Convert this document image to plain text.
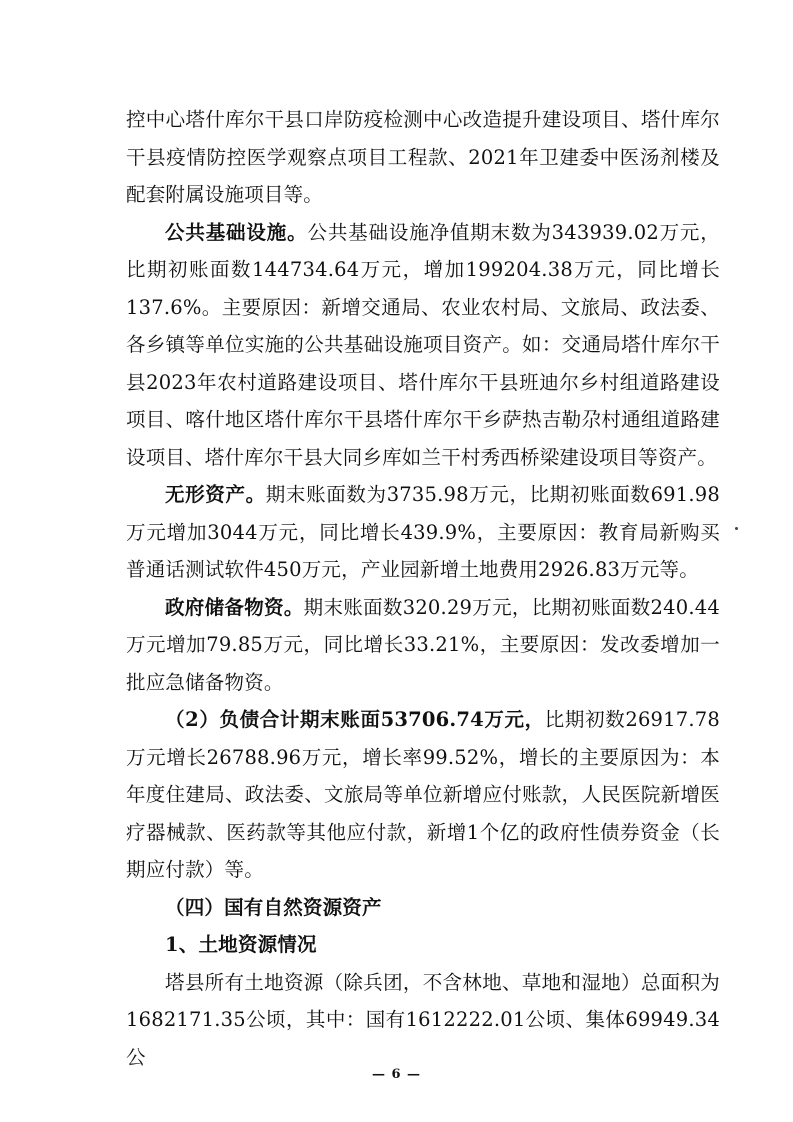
控中心塔什库尔干县口岸防疫检测中心改造提升建设项目、塔什库尔干县疫情防控医学观察点项目工程款、2021年卫建委中医汤剂楼及配套附属设施项目等。

公共基础设施。公共基础设施净值期末数为343939.02万元，比期初账面数144734.64万元，增加199204.38万元，同比增长137.6%。主要原因：新增交通局、农业农村局、文旅局、政法委、各乡镇等单位实施的公共基础设施项目资产。如：交通局塔什库尔干县2023年农村道路建设项目、塔什库尔干县班迪尔乡村组道路建设项目、喀什地区塔什库尔干县塔什库尔干乡萨热吉勒尕村通组道路建设项目、塔什库尔干县大同乡库如兰干村秀西桥梁建设项目等资产。

无形资产。期末账面数为3735.98万元，比期初账面数691.98万元增加3044万元，同比增长439.9%，主要原因：教育局新购买普通话测试软件450万元，产业园新增土地费用2926.83万元等。

政府储备物资。期末账面数320.29万元，比期初账面数240.44万元增加79.85万元，同比增长33.21%，主要原因：发改委增加一批应急储备物资。

（2）负债合计期末账面53706.74万元，比期初数26917.78万元增长26788.96万元，增长率99.52%，增长的主要原因为：本年度住建局、政法委、文旅局等单位新增应付账款，人民医院新增医疗器械款、医药款等其他应付款，新增1个亿的政府性债券资金（长期应付款）等。

（四）国有自然资源资产

1、土地资源情况

塔县所有土地资源（除兵团，不含林地、草地和湿地）总面积为1682171.35公顷，其中：国有1612222.01公顷、集体69949.34公

— 6 —
